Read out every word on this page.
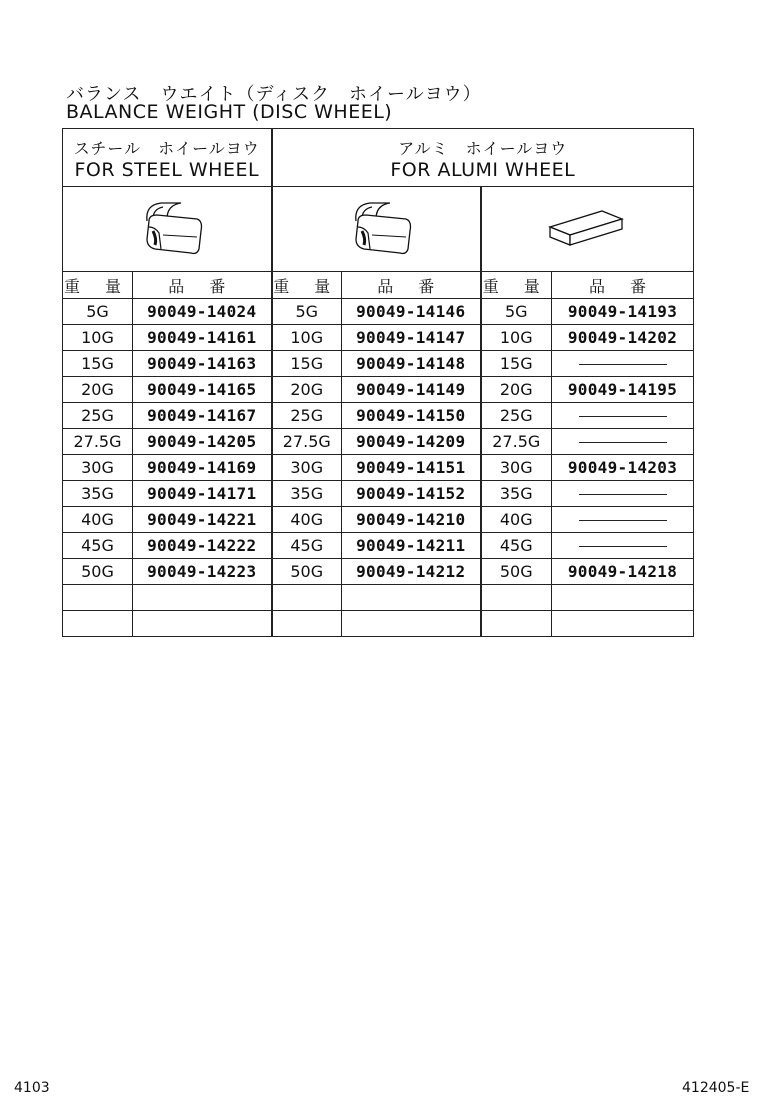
バランス　ウエイト（ディスク　ホイールヨウ）
BALANCE WEIGHT (DISC WHEEL)
スチール　ホイールヨウ
FOR STEEL WHEEL		アルミ　ホイールヨウ
FOR ALUMI WHEEL			

重 量	品 番	重 量	品 番	重 量	品 番
5G	90049-14024	5G	90049-14146	5G	90049-14193
10G	90049-14161	10G	90049-14147	10G	90049-14202
15G	90049-14163	15G	90049-14148	15G	
20G	90049-14165	20G	90049-14149	20G	90049-14195
25G	90049-14167	25G	90049-14150	25G	
27.5G	90049-14205	27.5G	90049-14209	27.5G	
30G	90049-14169	30G	90049-14151	30G	90049-14203
35G	90049-14171	35G	90049-14152	35G	
40G	90049-14221	40G	90049-14210	40G	
45G	90049-14222	45G	90049-14211	45G	
50G	90049-14223	50G	90049-14212	50G	90049-14218

4103	412405-E
